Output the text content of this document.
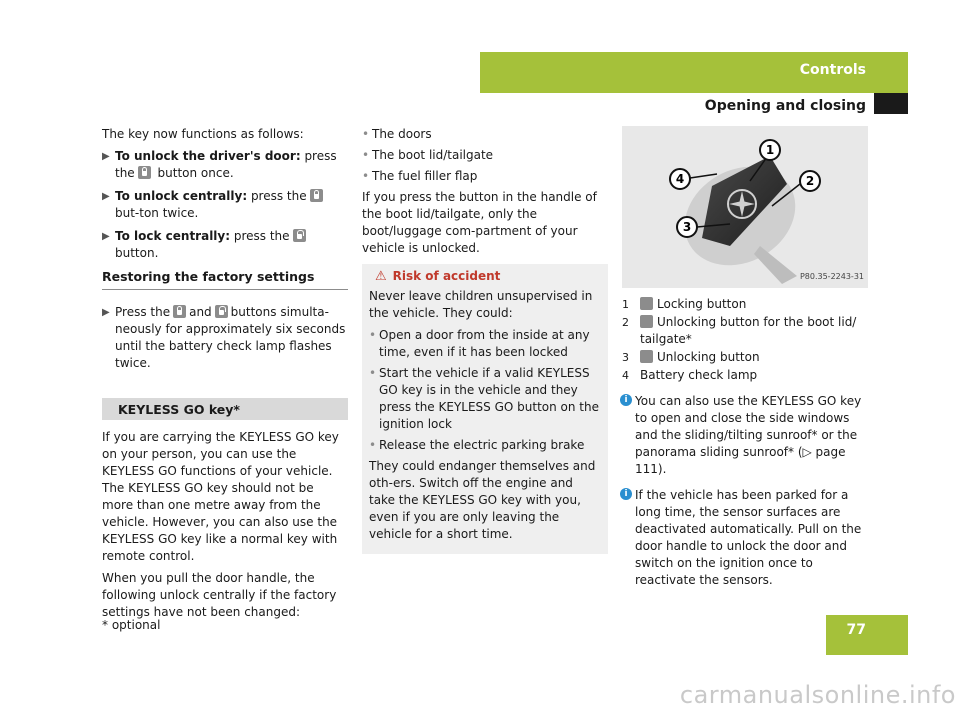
Controls
Opening and closing

The key now functions as follows:

▶ To unlock the driver's door: press the button once.
▶ To unlock centrally: press the but-ton twice.
▶ To lock centrally: press the button.
Restoring the factory settings
▶ Press the and buttons simulta-neously for approximately six seconds until the battery check lamp flashes twice.
KEYLESS GO key*

If you are carrying the KEYLESS GO key on your person, you can use the KEYLESS GO functions of your vehicle. The KEYLESS GO key should not be more than one metre away from the vehicle. However, you can also use the KEYLESS GO key like a normal key with remote control.

When you pull the door handle, the following unlock centrally if the factory settings have not been changed:

• The doors
• The boot lid/tailgate
• The fuel filler flap

If you press the button in the handle of the boot lid/tailgate, only the boot/luggage com-partment of your vehicle is unlocked.

⚠ Risk of accident

Never leave children unsupervised in the vehicle. They could:

• Open a door from the inside at any time, even if it has been locked
• Start the vehicle if a valid KEYLESS GO key is in the vehicle and they press the KEYLESS GO button on the ignition lock
• Release the electric parking brake

They could endanger themselves and oth-ers. Switch off the engine and take the KEYLESS GO key with you, even if you are only leaving the vehicle for a short time.

1
2
3
4
P80.35-2243-31
1 Locking button
2 Unlocking button for the boot lid/ tailgate*
3 Unlocking button
4 Battery check lamp
i You can also use the KEYLESS GO key to open and close the side windows and the sliding/tilting sunroof* or the panorama sliding sunroof* (▷ page 111).
i If the vehicle has been parked for a long time, the sensor surfaces are deactivated automatically. Pull on the door handle to unlock the door and switch on the ignition once to reactivate the sensors.
* optional	77
carmanualsonline.info
